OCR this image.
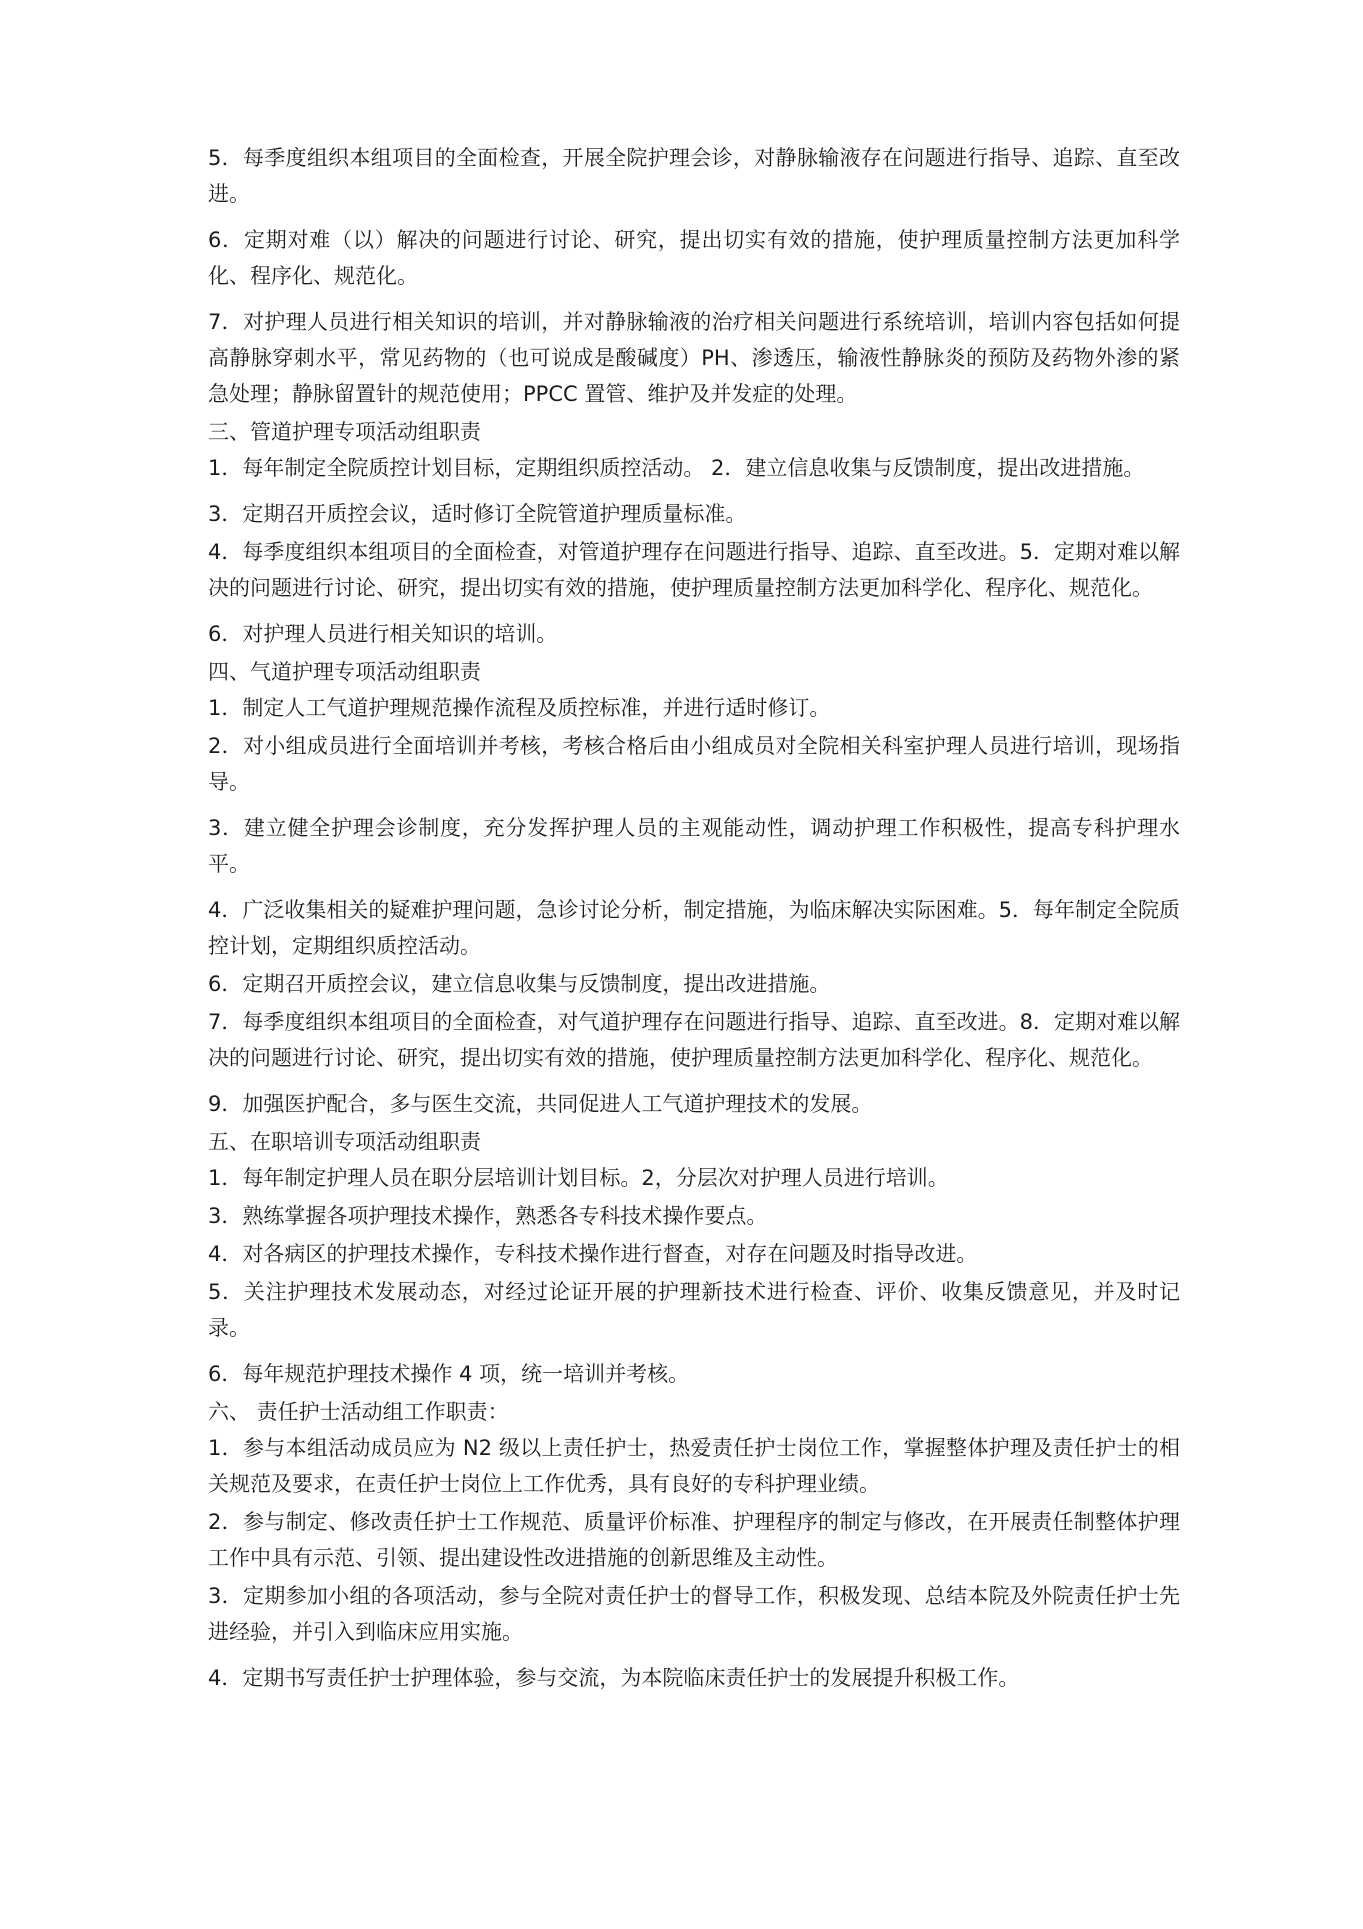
5．每季度组织本组项目的全面检查，开展全院护理会诊，对静脉输液存在问题进行指导、追踪、直至改进。

6．定期对难（以）解决的问题进行讨论、研究，提出切实有效的措施，使护理质量控制方法更加科学化、程序化、规范化。

7．对护理人员进行相关知识的培训，并对静脉输液的治疗相关问题进行系统培训，培训内容包括如何提高静脉穿刺水平，常见药物的（也可说成是酸碱度）PH、渗透压，输液性静脉炎的预防及药物外渗的紧急处理；静脉留置针的规范使用；PPCC 置管、维护及并发症的处理。

三、管道护理专项活动组职责

1．每年制定全院质控计划目标，定期组织质控活动。 2．建立信息收集与反馈制度，提出改进措施。

3．定期召开质控会议，适时修订全院管道护理质量标准。

4．每季度组织本组项目的全面检查，对管道护理存在问题进行指导、追踪、直至改进。5．定期对难以解决的问题进行讨论、研究，提出切实有效的措施，使护理质量控制方法更加科学化、程序化、规范化。

6．对护理人员进行相关知识的培训。

四、气道护理专项活动组职责

1．制定人工气道护理规范操作流程及质控标准，并进行适时修订。

2．对小组成员进行全面培训并考核，考核合格后由小组成员对全院相关科室护理人员进行培训，现场指导。

3．建立健全护理会诊制度，充分发挥护理人员的主观能动性，调动护理工作积极性，提高专科护理水平。

4．广泛收集相关的疑难护理问题，急诊讨论分析，制定措施，为临床解决实际困难。5．每年制定全院质控计划，定期组织质控活动。

6．定期召开质控会议，建立信息收集与反馈制度，提出改进措施。

7．每季度组织本组项目的全面检查，对气道护理存在问题进行指导、追踪、直至改进。8．定期对难以解决的问题进行讨论、研究，提出切实有效的措施，使护理质量控制方法更加科学化、程序化、规范化。

9．加强医护配合，多与医生交流，共同促进人工气道护理技术的发展。

五、在职培训专项活动组职责

1．每年制定护理人员在职分层培训计划目标。2，分层次对护理人员进行培训。

3．熟练掌握各项护理技术操作，熟悉各专科技术操作要点。

4．对各病区的护理技术操作，专科技术操作进行督查，对存在问题及时指导改进。

5．关注护理技术发展动态，对经过论证开展的护理新技术进行检查、评价、收集反馈意见，并及时记录。

6．每年规范护理技术操作 4 项，统一培训并考核。

六、 责任护士活动组工作职责：

1．参与本组活动成员应为 N2 级以上责任护士，热爱责任护士岗位工作，掌握整体护理及责任护士的相关规范及要求，在责任护士岗位上工作优秀，具有良好的专科护理业绩。

2．参与制定、修改责任护士工作规范、质量评价标准、护理程序的制定与修改，在开展责任制整体护理工作中具有示范、引领、提出建设性改进措施的创新思维及主动性。

3．定期参加小组的各项活动，参与全院对责任护士的督导工作，积极发现、总结本院及外院责任护士先进经验，并引入到临床应用实施。

4．定期书写责任护士护理体验，参与交流，为本院临床责任护士的发展提升积极工作。
